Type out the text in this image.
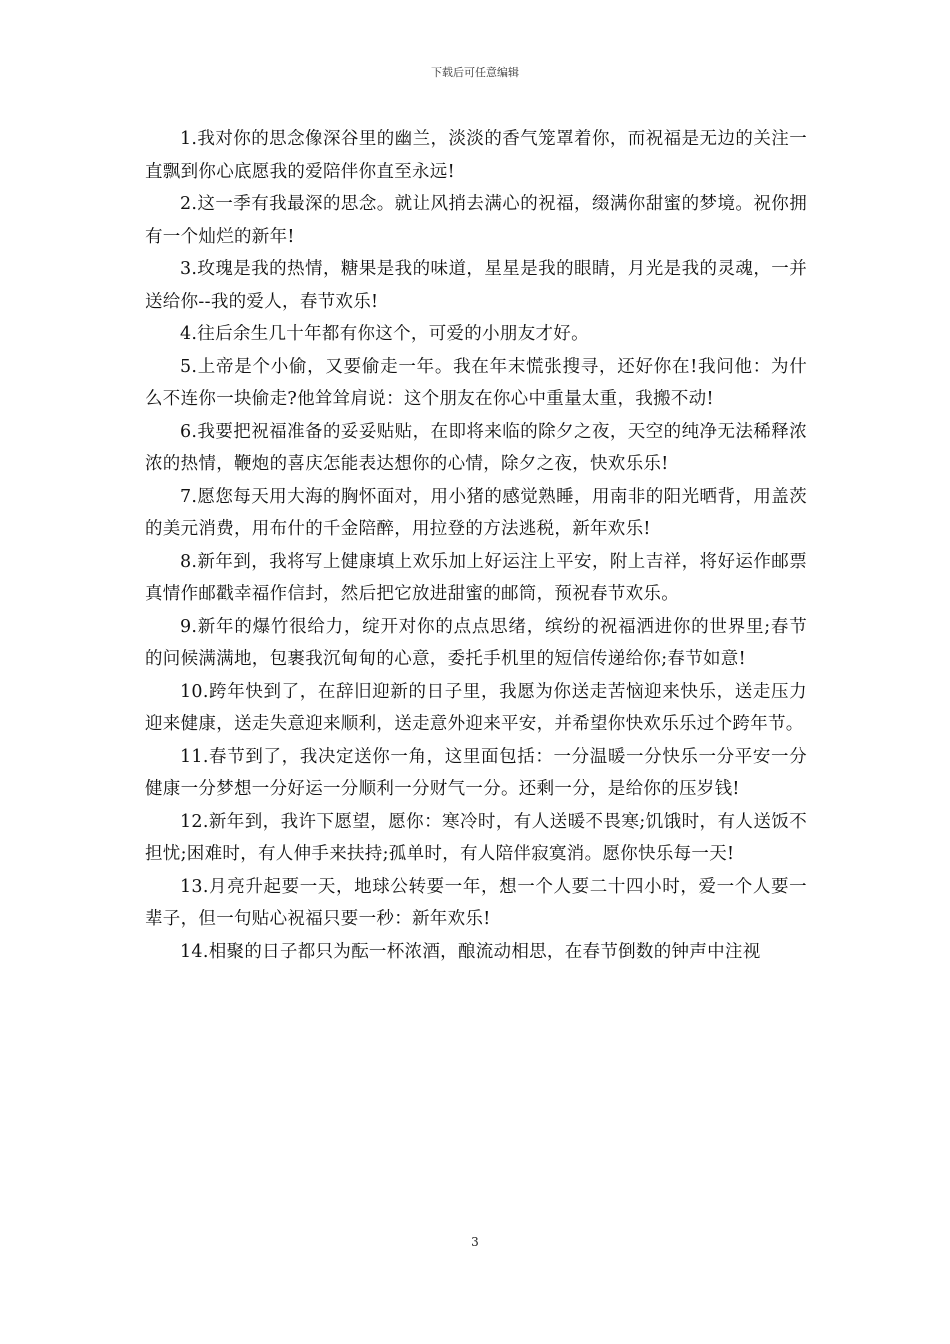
下载后可任意编辑

1.我对你的思念像深谷里的幽兰，淡淡的香气笼罩着你，而祝福是无边的关注一直飘到你心底愿我的爱陪伴你直至永远!

2.这一季有我最深的思念。就让风捎去满心的祝福，缀满你甜蜜的梦境。祝你拥有一个灿烂的新年!

3.玫瑰是我的热情，糖果是我的味道，星星是我的眼睛，月光是我的灵魂，一并送给你--我的爱人，春节欢乐!

4.往后余生几十年都有你这个，可爱的小朋友才好。

5.上帝是个小偷，又要偷走一年。我在年末慌张搜寻，还好你在!我问他：为什么不连你一块偷走?他耸耸肩说：这个朋友在你心中重量太重，我搬不动!

6.我要把祝福准备的妥妥贴贴，在即将来临的除夕之夜，天空的纯净无法稀释浓浓的热情，鞭炮的喜庆怎能表达想你的心情，除夕之夜，快欢乐乐!

7.愿您每天用大海的胸怀面对，用小猪的感觉熟睡，用南非的阳光晒背，用盖茨的美元消费，用布什的千金陪醉，用拉登的方法逃税，新年欢乐!

8.新年到，我将写上健康填上欢乐加上好运注上平安，附上吉祥，将好运作邮票真情作邮戳幸福作信封，然后把它放进甜蜜的邮筒，预祝春节欢乐。

9.新年的爆竹很给力，绽开对你的点点思绪，缤纷的祝福洒进你的世界里;春节的问候满满地，包裹我沉甸甸的心意，委托手机里的短信传递给你;春节如意!

10.跨年快到了，在辞旧迎新的日子里，我愿为你送走苦恼迎来快乐，送走压力迎来健康，送走失意迎来顺利，送走意外迎来平安，并希望你快欢乐乐过个跨年节。

11.春节到了，我决定送你一角，这里面包括：一分温暖一分快乐一分平安一分健康一分梦想一分好运一分顺利一分财气一分。还剩一分，是给你的压岁钱!

12.新年到，我许下愿望，愿你：寒冷时，有人送暖不畏寒;饥饿时，有人送饭不担忧;困难时，有人伸手来扶持;孤单时，有人陪伴寂寞消。愿你快乐每一天!

13.月亮升起要一天，地球公转要一年，想一个人要二十四小时，爱一个人要一辈子，但一句贴心祝福只要一秒：新年欢乐!

14.相聚的日子都只为酝一杯浓酒，酿流动相思，在春节倒数的钟声中注视

3
